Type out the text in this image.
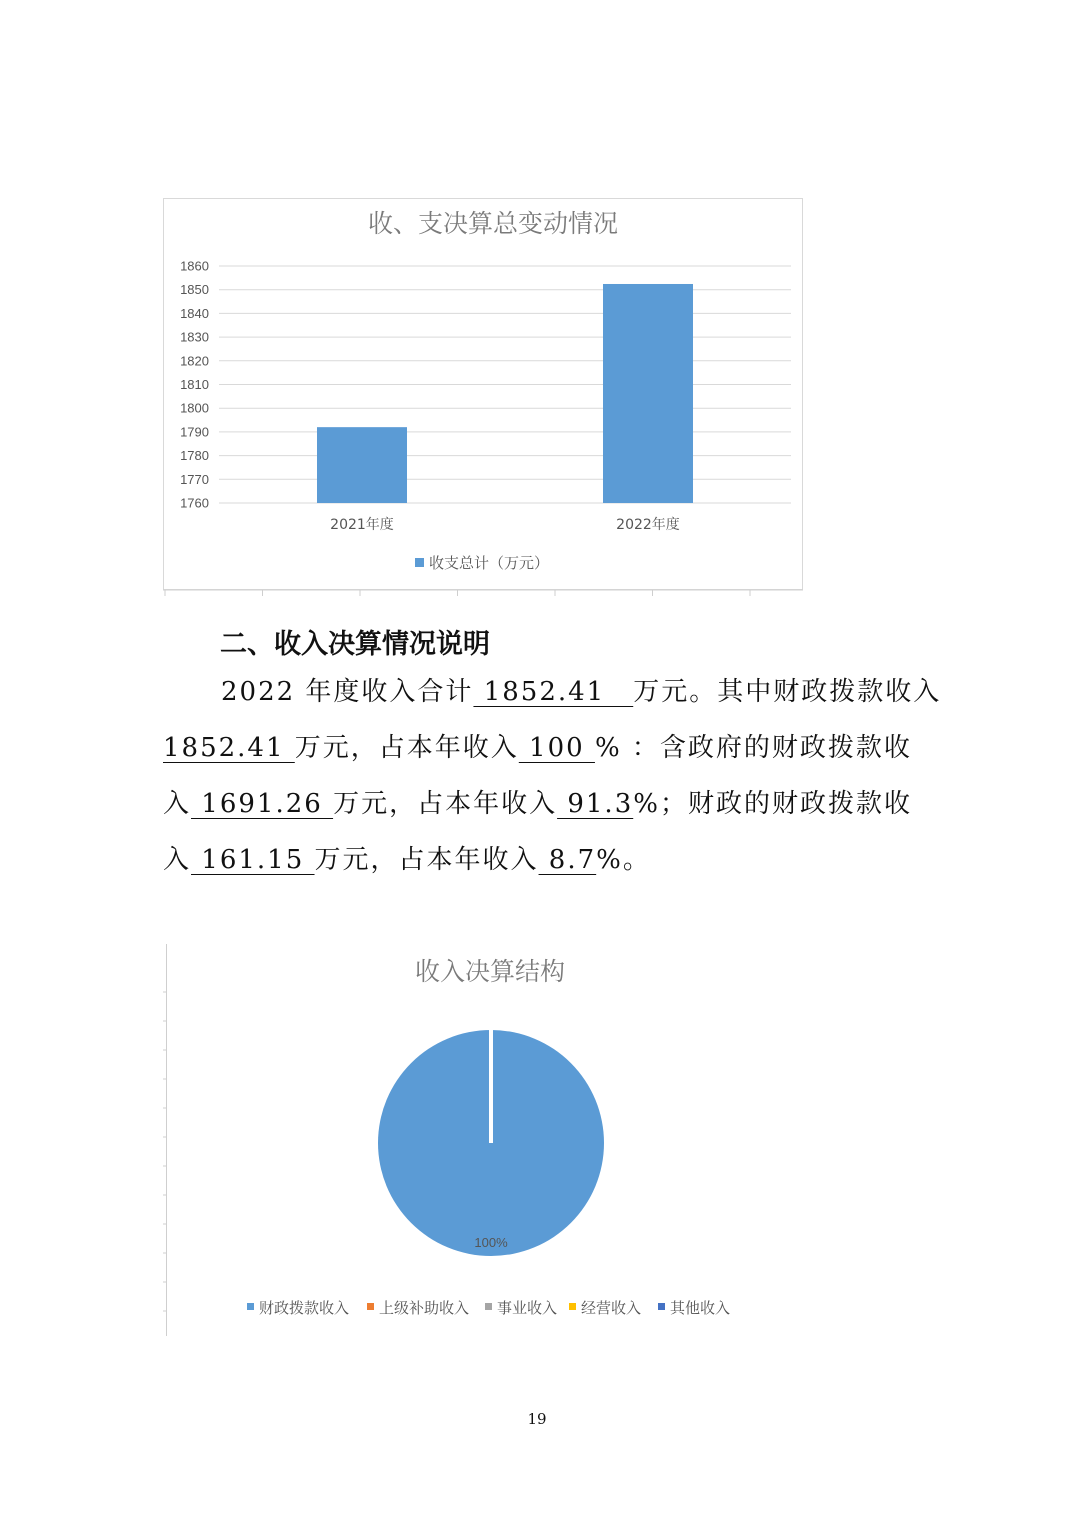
收、支决算总变动情况
1760
1770
1780
1790
1800
1810
1820
1830
1840
1850
1860
2021年度	2022年度
收支总计（万元）
二、收入决算情况说明
2022 年度收入合计 1852.41　万元。其中财政拨款收入
1852.41 万元，占本年收入 100 % ：含政府的财政拨款收
入 1691.26 万元，占本年收入 91.3%；财政的财政拨款收
入 161.15 万元，占本年收入 8.7%。
收入决算结构
100%
财政拨款收入 上级补助收入 事业收入 经营收入 其他收入
19
